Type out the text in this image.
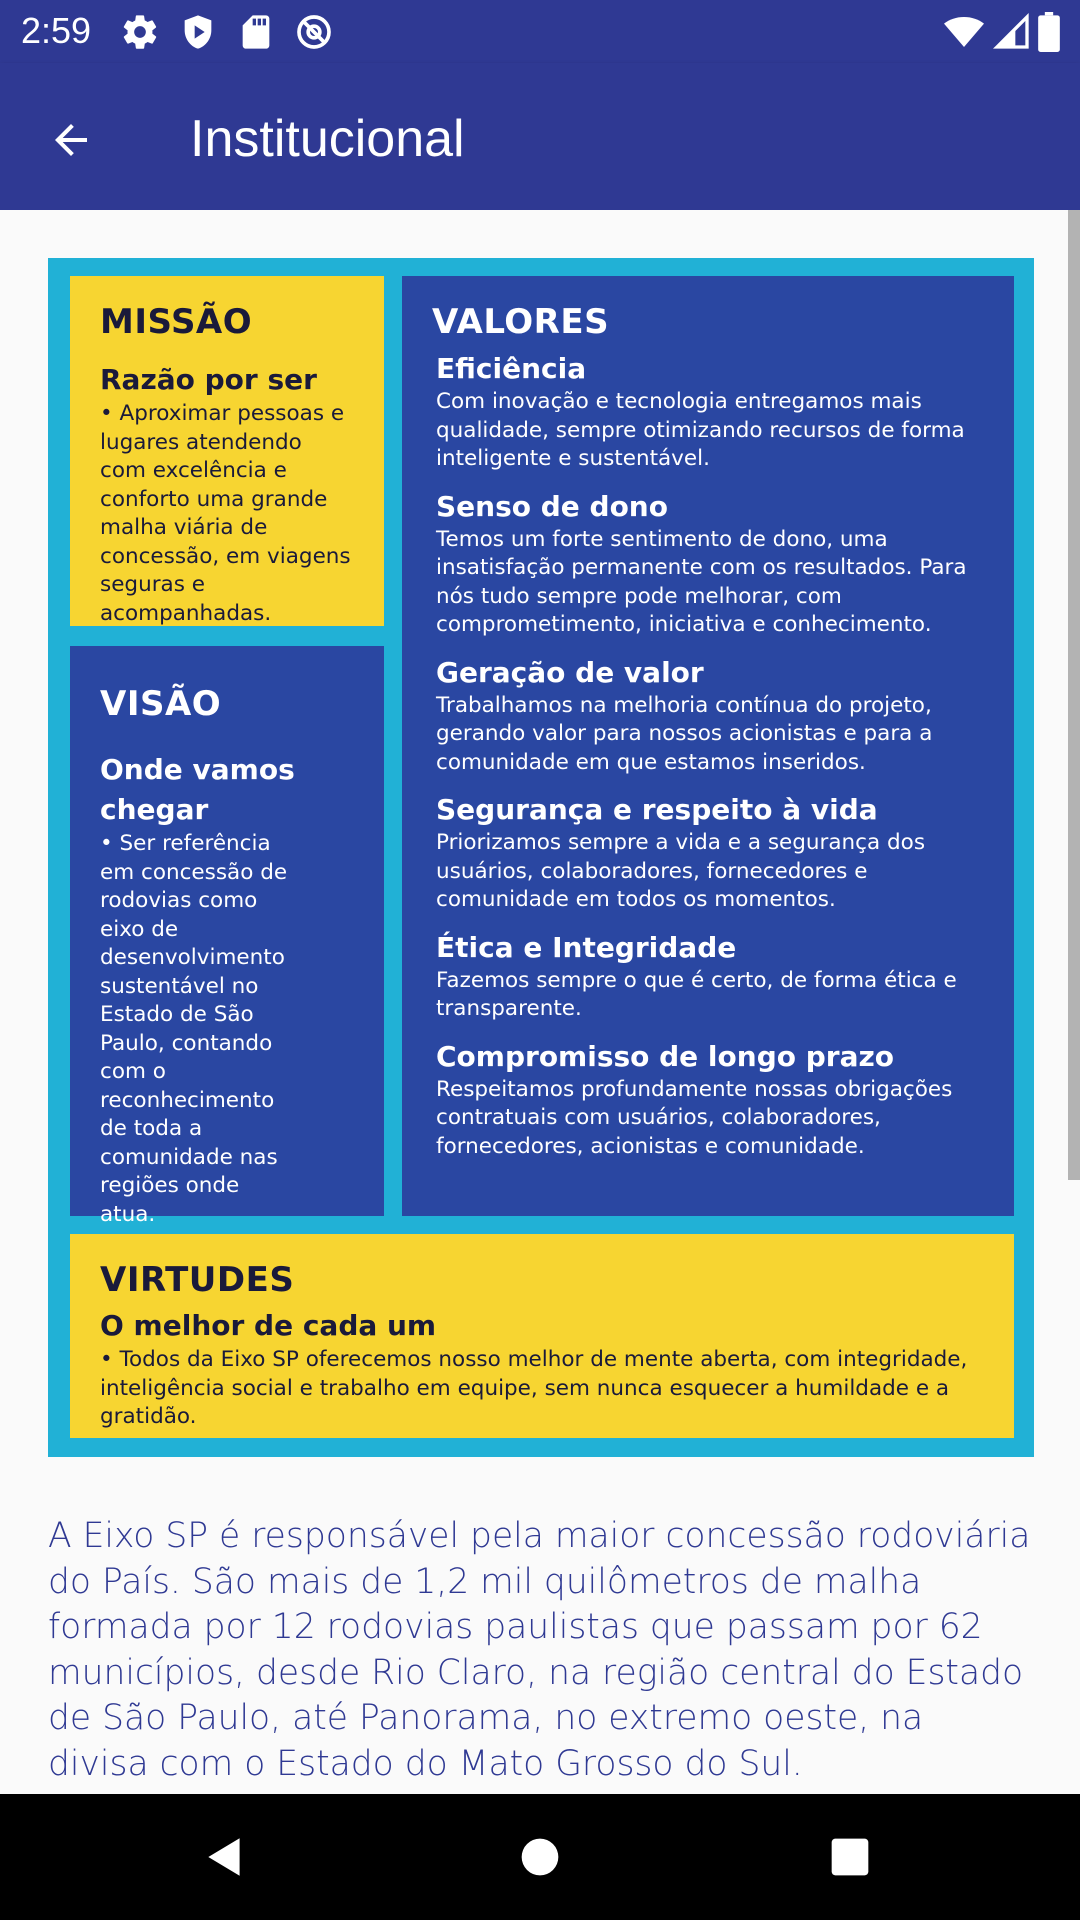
2:59
Institucional
MISSÃO
Razão por ser
• Aproximar pessoas e lugares atendendo com excelência e conforto uma grande malha viária de concessão, em viagens seguras e acompanhadas.
VISÃO
Onde vamos chegar
• Ser referência em concessão de rodovias como eixo de desenvolvimento sustentável no Estado de São Paulo, contando com o reconhecimento de toda a comunidade nas regiões onde atua.
VALORES
Eficiência
Com inovação e tecnologia entregamos mais qualidade, sempre otimizando recursos de forma inteligente e sustentável.
Senso de dono
Temos um forte sentimento de dono, uma insatisfação permanente com os resultados. Para nós tudo sempre pode melhorar, com comprometimento, iniciativa e conhecimento.
Geração de valor
Trabalhamos na melhoria contínua do projeto, gerando valor para nossos acionistas e para a comunidade em que estamos inseridos.
Segurança e respeito à vida
Priorizamos sempre a vida e a segurança dos usuários, colaboradores, fornecedores e comunidade em todos os momentos.
Ética e Integridade
Fazemos sempre o que é certo, de forma ética e transparente.
Compromisso de longo prazo
Respeitamos profundamente nossas obrigações contratuais com usuários, colaboradores, fornecedores, acionistas e comunidade.
VIRTUDES
O melhor de cada um
• Todos da Eixo SP oferecemos nosso melhor de mente aberta, com integridade, inteligência social e trabalho em equipe, sem nunca esquecer a humildade e a gratidão.

A Eixo SP é responsável pela maior concessão rodoviária do País. São mais de 1,2 mil quilômetros de malha formada por 12 rodovias paulistas que passam por 62 municípios, desde Rio Claro, na região central do Estado de São Paulo, até Panorama, no extremo oeste, na divisa com o Estado do Mato Grosso do Sul.
